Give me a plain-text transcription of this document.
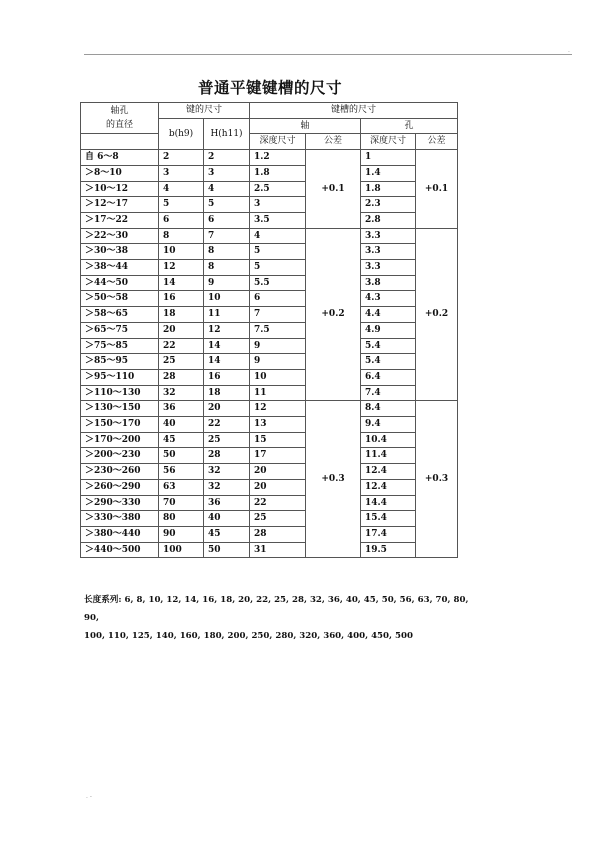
.
普通平键键槽的尺寸
轴孔
的直径	键的尺寸		键槽的尺寸			
	b(h9)	H(h11)	轴		孔	
			深度尺寸	公差	深度尺寸	公差
自 6～8	2	2	1.2	+0.1	1	+0.1
＞8～10	3	3	1.8		1.4	
＞10～12	4	4	2.5		1.8	
＞12～17	5	5	3		2.3	
＞17～22	6	6	3.5		2.8	
＞22～30	8	7	4	+0.2	3.3	+0.2
＞30～38	10	8	5		3.3	
＞38～44	12	8	5		3.3	
＞44～50	14	9	5.5		3.8	
＞50～58	16	10	6		4.3	
＞58～65	18	11	7		4.4	
＞65～75	20	12	7.5		4.9	
＞75～85	22	14	9		5.4	
＞85～95	25	14	9		5.4	
＞95～110	28	16	10		6.4	
＞110～130	32	18	11		7.4	
＞130～150	36	20	12	+0.3	8.4	+0.3
＞150～170	40	22	13		9.4	
＞170～200	45	25	15		10.4	
＞200～230	50	28	17		11.4	
＞230～260	56	32	20		12.4	
＞260～290	63	32	20		12.4	
＞290～330	70	36	22		14.4	
＞330～380	80	40	25		15.4	
＞380～440	90	45	28		17.4	
＞440～500	100	50	31		19.5	
长度系列: 6, 8, 10, 12, 14, 16, 18, 20, 22, 25, 28, 32, 36, 40, 45, 50, 56, 63, 70, 80, 90,
100, 110, 125, 140, 160, 180, 200, 250, 280, 320, 360, 400, 450, 500
. -
